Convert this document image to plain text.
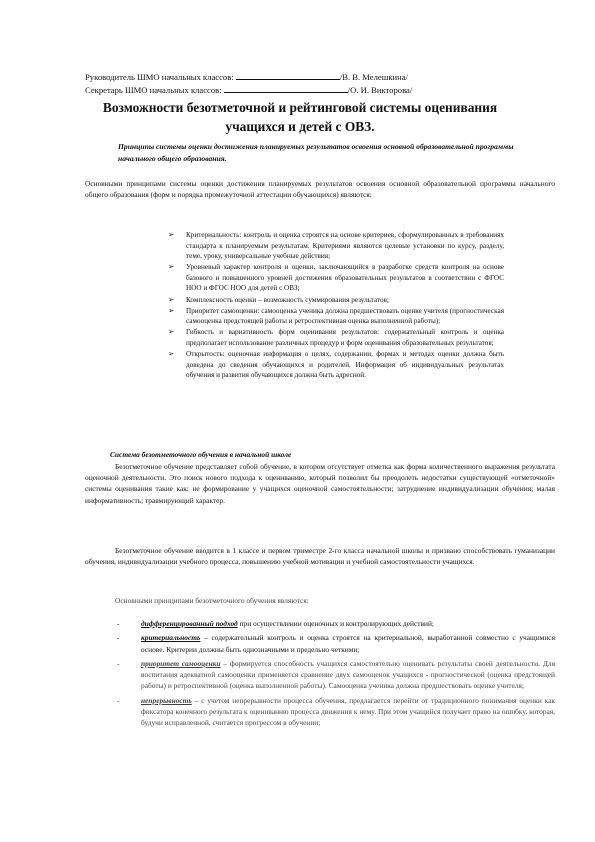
Руководитель ШМО начальных классов:	/В. В. Мелешкина/
Секретарь ШМО начальных классов:	/О. И. Викторова/
Возможности безотметочной и рейтинговой системы оценивания
учащихся и детей с ОВЗ.
Принципы системы оценки достижения планируемых результатов освоения основной образовательной программы начального общего образования.
Основными принципами системы оценки достижения планируемых результатов освоения основной образовательной программы начального общего образования (форм и порядка промежуточной аттестации обучающихся) являются:
➢ Критериальность: контроль и оценка строятся на основе критериев, сформулированных в требованиях стандарта к планируемым результатам. Критериями являются целевые установки по курсу, разделу, теме, уроку, универсальные учебные действия;
➢ Уровневый характер контроля и оценки, заключающийся в разработке средств контроля на основе базового и повышенного уровней достижения образовательных результатов в соответствии с ФГОС НОО и ФГОС НОО для детей с ОВЗ;
➢ Комплексность оценки – возможность суммирования результатов;
➢ Приоритет самооценки: самооценка ученика должна предшествовать оценке учителя (прогностическая самооценка предстоящей работы и ретроспективная оценка выполненной работы);
➢ Гибкость и вариативность форм оценивания результатов: содержательный контроль и оценка предполагает использование различных процедур и форм оценивания образовательных результатов;
➢ Открытость: оценочная информация о целях, содержании, формах и методах оценки должна быть доведена до сведения обучающихся и родителей. Информация об индивидуальных результатах обучения и развития обучающихся должна быть адресной.
Система безотметочного обучения в начальной школе
Безотметочное обучение представляет собой обучение, в котором отсутствует отметка как форма количественного выражения результата оценочной деятельности. Это поиск нового подхода к оцениванию, который позволил бы преодолеть недостатки существующей «отметочной» системы оценивания такие как: не формирование у учащихся оценочной самостоятельности; затруднение индивидуализации обучения; малая информативность; травмирующий характер.
Безотметочное обучение вводится в 1 классе и первом триместре 2-го класса начальной школы и призвано способствовать гуманизации обучения, индивидуализации учебного процесса, повышению учебной мотивации и учебной самостоятельности учащихся.
Основными принципами безотметочного обучения являются:
-	дифференцированный подход при осуществлении оценочных и контролирующих действий;
-	критериальность – содержательный контроль и оценка строятся на критериальной, выработанной совместно с учащимися основе. Критерии должны быть однозначными и предельно четкими;
-	приоритет самооценки – формируется способность учащихся самостоятельно оценивать результаты своей деятельности. Для воспитания адекватной самооценки применяется сравнение двух самооценок учащихся - прогностической (оценка предстоящей работы) и ретроспективной (оценка выполненной работы). Самооценка ученика должна предшествовать оценке учителя;
-	непрерывность – с учетом непрерывности процесса обучения, предлагается перейти от традиционного понимания оценки как фиксатора конечного результата к оцениванию процесса движения к нему. При этом учащийся получает право на ошибку, которая, будучи исправленной, считается прогрессом в обучении;
